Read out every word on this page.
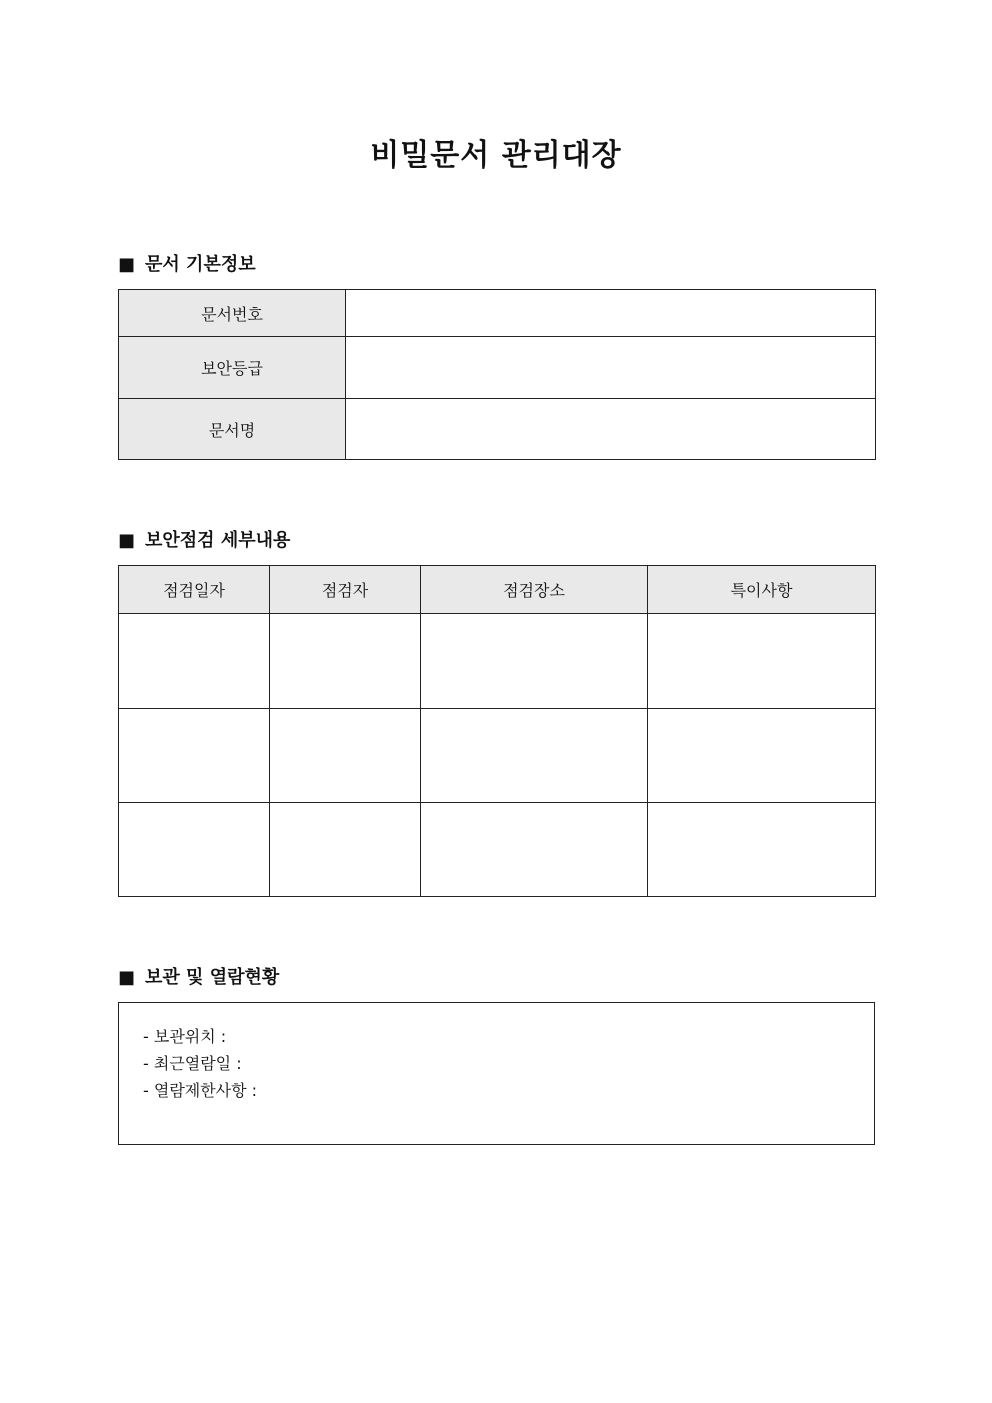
비밀문서 관리대장
■ 문서 기본정보
문서번호	
보안등급	
문서명	
■ 보안점검 세부내용
점검일자	점검자	점검장소	특이사항

■ 보관 및 열람현황
- 보관위치 :
- 최근열람일 :
- 열람제한사항 :
